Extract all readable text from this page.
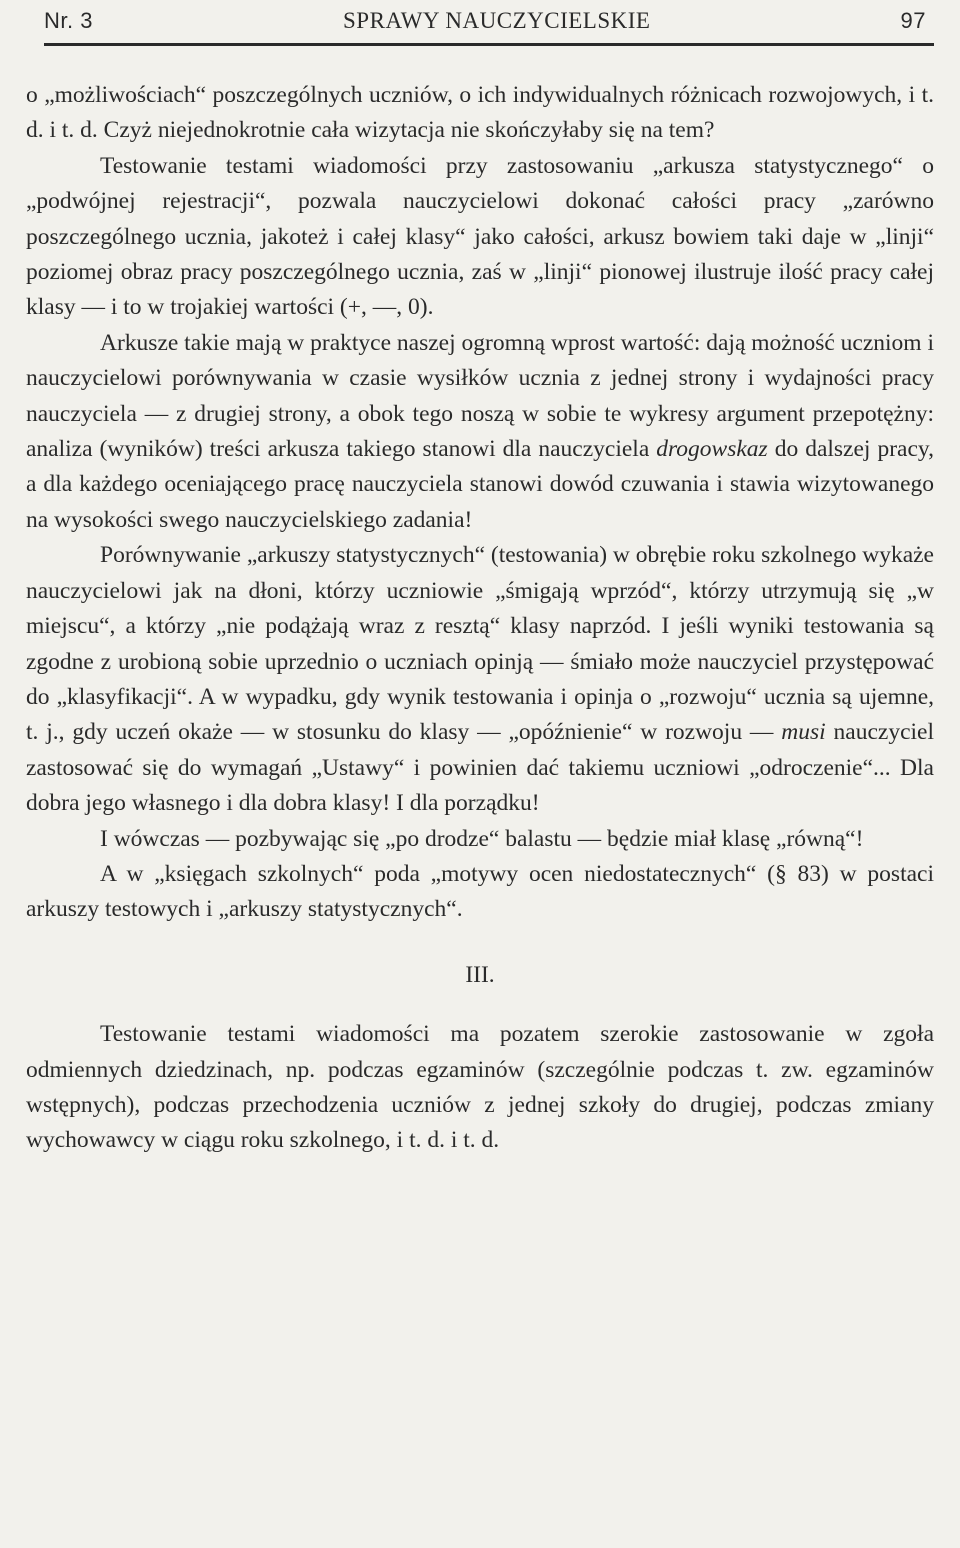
Nr. 3	SPRAWY NAUCZYCIELSKIE	97

o „możliwościach“ poszczególnych uczniów, o ich indywidualnych różnicach rozwojowych, i t. d. i t. d. Czyż niejednokrotnie cała wizytacja nie skończyłaby się na tem?

Testowanie testami wiadomości przy zastosowaniu „arkusza statystycznego“ o „podwójnej rejestracji“, pozwala nauczycielowi dokonać całości pracy „zarówno poszczególnego ucznia, jakoteż i całej klasy“ jako całości, arkusz bowiem taki daje w „linji“ poziomej obraz pracy poszczególnego ucznia, zaś w „linji“ pionowej ilustruje ilość pracy całej klasy — i to w trojakiej wartości (+, —, 0).

Arkusze takie mają w praktyce naszej ogromną wprost wartość: dają możność uczniom i nauczycielowi porównywania w czasie wysiłków ucznia z jednej strony i wydajności pracy nauczyciela — z drugiej strony, a obok tego noszą w sobie te wykresy argument przepotężny: analiza (wyników) treści arkusza takiego stanowi dla nauczyciela drogowskaz do dalszej pracy, a dla każdego oceniającego pracę nauczyciela stanowi dowód czuwania i stawia wizytowanego na wysokości swego nauczycielskiego zadania!

Porównywanie „arkuszy statystycznych“ (testowania) w obrębie roku szkolnego wykaże nauczycielowi jak na dłoni, którzy uczniowie „śmigają wprzód“, którzy utrzymują się „w miejscu“, a którzy „nie podążają wraz z resztą“ klasy naprzód. I jeśli wyniki testowania są zgodne z urobioną sobie uprzednio o uczniach opinją — śmiało może nauczyciel przystępować do „klasyfikacji“. A w wypadku, gdy wynik testowania i opinja o „rozwoju“ ucznia są ujemne, t. j., gdy uczeń okaże — w stosunku do klasy — „opóźnienie“ w rozwoju — musi nauczyciel zastosować się do wymagań „Ustawy“ i powinien dać takiemu uczniowi „odroczenie“... Dla dobra jego własnego i dla dobra klasy! I dla porządku!

I wówczas — pozbywając się „po drodze“ balastu — będzie miał klasę „równą“!

A w „księgach szkolnych“ poda „motywy ocen niedostatecznych“ (§ 83) w postaci arkuszy testowych i „arkuszy statystycznych“.

III.

Testowanie testami wiadomości ma pozatem szerokie zastosowanie w zgoła odmiennych dziedzinach, np. podczas egzaminów (szczególnie podczas t. zw. egzaminów wstępnych), podczas przechodzenia uczniów z jednej szkoły do drugiej, podczas zmiany wychowawcy w ciągu roku szkolnego, i t. d. i t. d.
